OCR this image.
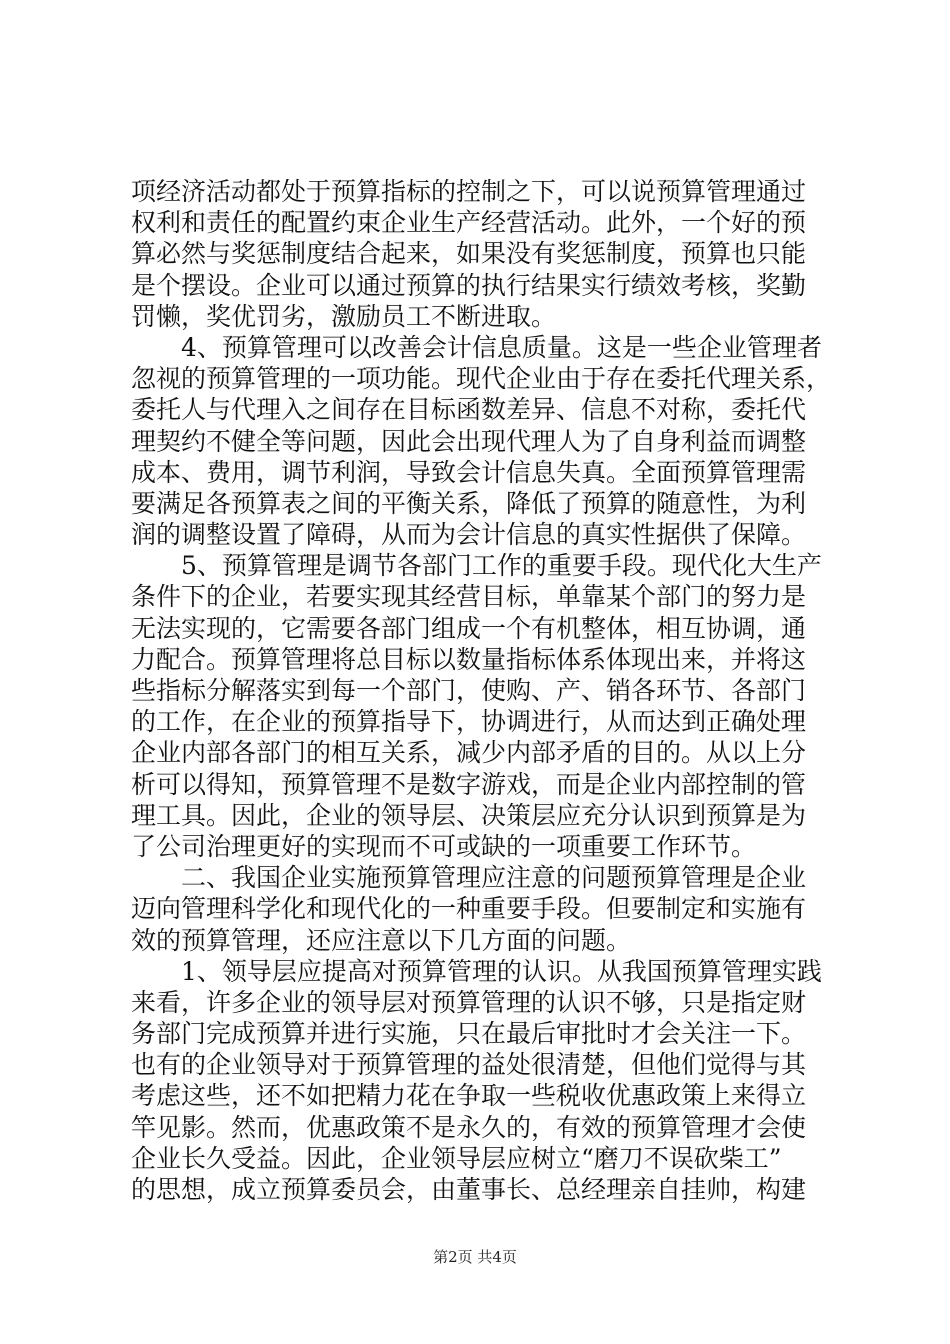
项经济活动都处于预算指标的控制之下，可以说预算管理通过
权利和责任的配置约束企业生产经营活动。此外，一个好的预
算必然与奖惩制度结合起来，如果没有奖惩制度，预算也只能
是个摆设。企业可以通过预算的执行结果实行绩效考核，奖勤
罚懒，奖优罚劣，激励员工不断进取。
　　4、预算管理可以改善会计信息质量。这是一些企业管理者
忽视的预算管理的一项功能。现代企业由于存在委托代理关系，
委托人与代理入之间存在目标函数差异、信息不对称，委托代
理契约不健全等问题，因此会出现代理人为了自身利益而调整
成本、费用，调节利润，导致会计信息失真。全面预算管理需
要满足各预算表之间的平衡关系，降低了预算的随意性，为利
润的调整设置了障碍，从而为会计信息的真实性据供了保障。
　　5、预算管理是调节各部门工作的重要手段。现代化大生产
条件下的企业，若要实现其经营目标，单靠某个部门的努力是
无法实现的，它需要各部门组成一个有机整体，相互协调，通
力配合。预算管理将总目标以数量指标体系体现出来，并将这
些指标分解落实到每一个部门，使购、产、销各环节、各部门
的工作，在企业的预算指导下，协调进行，从而达到正确处理
企业内部各部门的相互关系，减少内部矛盾的目的。从以上分
析可以得知，预算管理不是数字游戏，而是企业内部控制的管
理工具。因此，企业的领导层、决策层应充分认识到预算是为
了公司治理更好的实现而不可或缺的一项重要工作环节。
　　二、我国企业实施预算管理应注意的问题预算管理是企业
迈向管理科学化和现代化的一种重要手段。但要制定和实施有
效的预算管理，还应注意以下几方面的问题。
　　1、领导层应提高对预算管理的认识。从我国预算管理实践
来看，许多企业的领导层对预算管理的认识不够，只是指定财
务部门完成预算并进行实施，只在最后审批时才会关注一下。
也有的企业领导对于预算管理的益处很清楚，但他们觉得与其
考虑这些，还不如把精力花在争取一些税收优惠政策上来得立
竿见影。然而，优惠政策不是永久的，有效的预算管理才会使
企业长久受益。因此，企业领导层应树立“磨刀不误砍柴工”
的思想，成立预算委员会，由董事长、总经理亲自挂帅，构建
第2页 共4页
